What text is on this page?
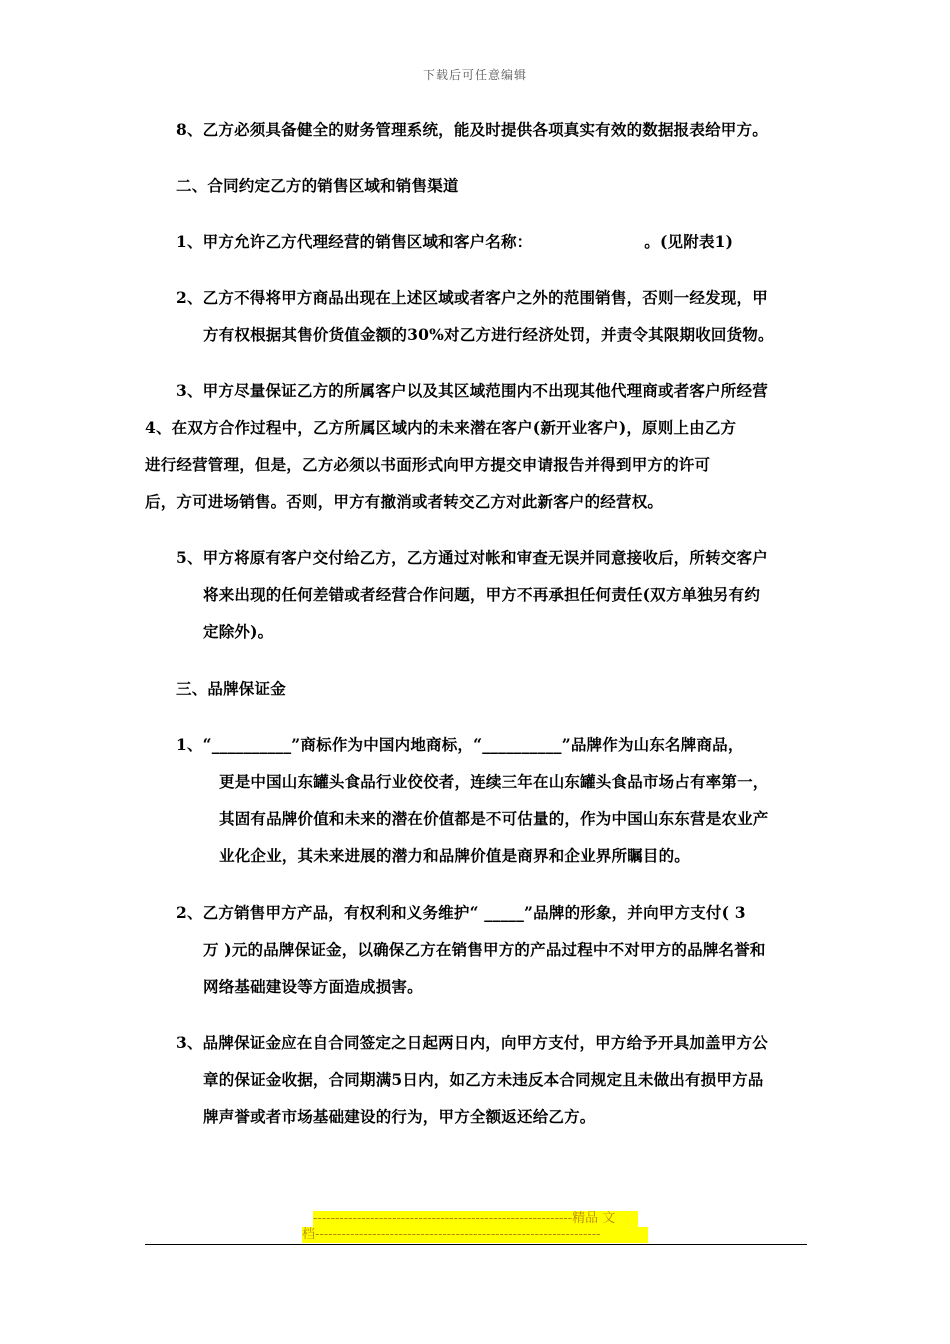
下载后可任意编辑
8、乙方必须具备健全的财务管理系统，能及时提供各项真实有效的数据报表给甲方。
二、合同约定乙方的销售区域和销售渠道
1、甲方允许乙方代理经营的销售区域和客户名称：                    。(见附表1)
2、乙方不得将甲方商品出现在上述区域或者客户之外的范围销售，否则一经发现，甲
方有权根据其售价货值金额的30%对乙方进行经济处罚，并责令其限期收回货物。
3、甲方尽量保证乙方的所属客户以及其区域范围内不出现其他代理商或者客户所经营
4、在双方合作过程中，乙方所属区域内的未来潜在客户(新开业客户)，原则上由乙方
进行经营管理，但是，乙方必须以书面形式向甲方提交申请报告并得到甲方的许可
后，方可进场销售。否则，甲方有撤消或者转交乙方对此新客户的经营权。
5、甲方将原有客户交付给乙方，乙方通过对帐和审查无误并同意接收后，所转交客户
将来出现的任何差错或者经营合作问题，甲方不再承担任何责任(双方单独另有约
定除外)。
三、品牌保证金
1、“__________”商标作为中国内地商标，“__________”品牌作为山东名牌商品，
更是中国山东罐头食品行业佼佼者，连续三年在山东罐头食品市场占有率第一，
其固有品牌价值和未来的潜在价值都是不可估量的，作为中国山东东营是农业产
业化企业，其未来进展的潜力和品牌价值是商界和企业界所瞩目的。
2、乙方销售甲方产品，有权利和义务维护“ _____”品牌的形象，并向甲方支付( 3
万 )元的品牌保证金，以确保乙方在销售甲方的产品过程中不对甲方的品牌名誉和
网络基础建设等方面造成损害。
3、品牌保证金应在自合同签定之日起两日内，向甲方支付，甲方给予开具加盖甲方公
章的保证金收据，合同期满5日内，如乙方未违反本合同规定且未做出有损甲方品
牌声誉或者市场基础建设的行为，甲方全额返还给乙方。
-----------------------------------------------------------精品 文
档-----------------------------------------------------------------
